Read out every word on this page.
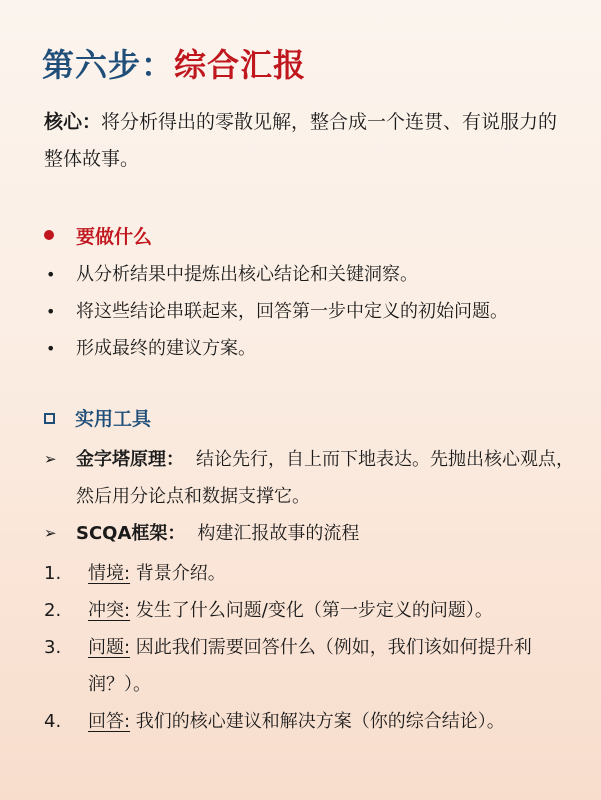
第六步：综合汇报
核心：将分析得出的零散见解，整合成一个连贯、有说服力的整体故事。
要做什么
• 从分析结果中提炼出核心结论和关键洞察。
• 将这些结论串联起来，回答第一步中定义的初始问题。
• 形成最终的建议方案。
实用工具
➢ 金字塔原理： 结论先行，自上而下地表达。先抛出核心观点，然后用分论点和数据支撑它。
➢ SCQA框架： 构建汇报故事的流程
1. 情境: 背景介绍。
2. 冲突: 发生了什么问题/变化（第一步定义的问题）。
3. 问题: 因此我们需要回答什么（例如，我们该如何提升利润？）。
4. 回答: 我们的核心建议和解决方案（你的综合结论）。
